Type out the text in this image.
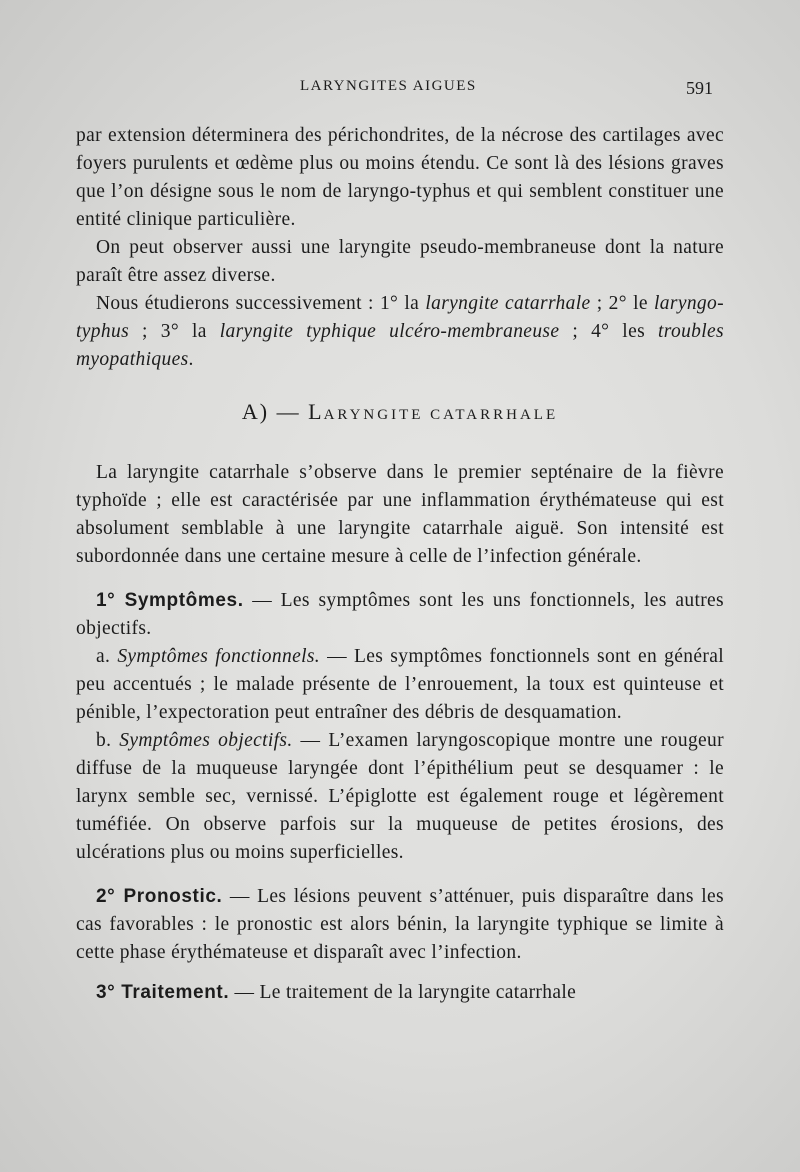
LARYNGITES AIGUES	591

par extension déterminera des périchondrites, de la nécrose des cartilages avec foyers purulents et œdème plus ou moins étendu. Ce sont là des lésions graves que l’on désigne sous le nom de laryngo-typhus et qui semblent constituer une entité clinique particulière.

On peut observer aussi une laryngite pseudo-membraneuse dont la nature paraît être assez diverse.

Nous étudierons successivement : 1° la laryngite catarrhale ; 2° le laryngo-typhus ; 3° la laryngite typhique ulcéro-membraneuse ; 4° les troubles myopathiques.

A) — LARYNGITE CATARRHALE

La laryngite catarrhale s’observe dans le premier septénaire de la fièvre typhoïde ; elle est caractérisée par une inflammation érythémateuse qui est absolument semblable à une laryngite catarrhale aiguë. Son intensité est subordonnée dans une certaine mesure à celle de l’infection générale.

1° Symptômes. — Les symptômes sont les uns fonctionnels, les autres objectifs.

a. Symptômes fonctionnels. — Les symptômes fonctionnels sont en général peu accentués ; le malade présente de l’enrouement, la toux est quinteuse et pénible, l’expectoration peut entraîner des débris de desquamation.

b. Symptômes objectifs. — L’examen laryngoscopique montre une rougeur diffuse de la muqueuse laryngée dont l’épithélium peut se desquamer : le larynx semble sec, vernissé. L’épiglotte est également rouge et légèrement tuméfiée. On observe parfois sur la muqueuse de petites érosions, des ulcérations plus ou moins superficielles.

2° Pronostic. — Les lésions peuvent s’atténuer, puis disparaître dans les cas favorables : le pronostic est alors bénin, la laryngite typhique se limite à cette phase érythémateuse et disparaît avec l’infection.

3° Traitement. — Le traitement de la laryngite catarrhale
